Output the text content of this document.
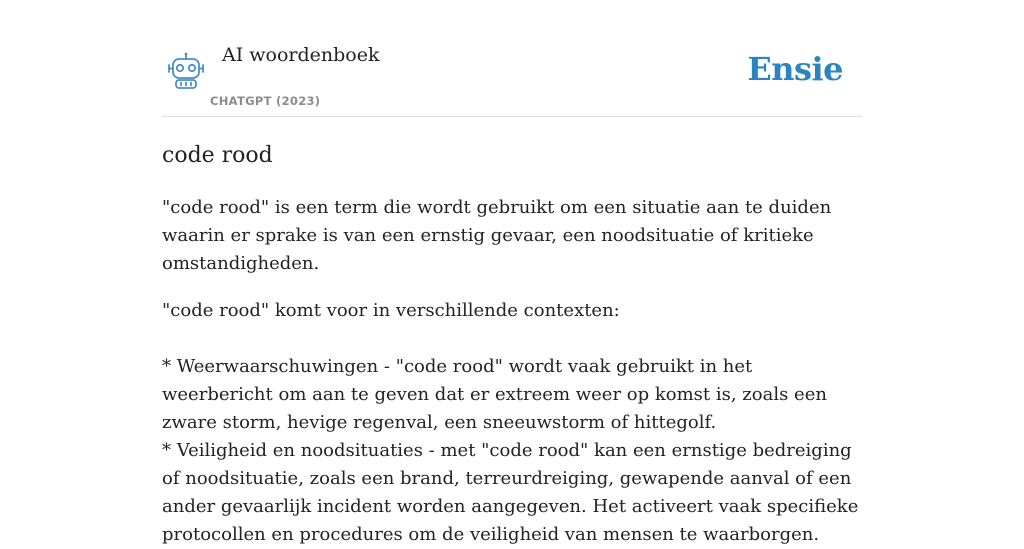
AI woordenboek
CHATGPT (2023)
Ensie
code rood

"code rood" is een term die wordt gebruikt om een situatie aan te duiden waarin er sprake is van een ernstig gevaar, een noodsituatie of kritieke omstandigheden.

"code rood" komt voor in verschillende contexten:

* Weerwaarschuwingen - "code rood" wordt vaak gebruikt in het weerbericht om aan te geven dat er extreem weer op komst is, zoals een zware storm, hevige regenval, een sneeuwstorm of hittegolf.
* Veiligheid en noodsituaties - met "code rood" kan een ernstige bedreiging of noodsituatie, zoals een brand, terreurdreiging, gewapende aanval of een ander gevaarlijk incident worden aangegeven. Het activeert vaak specifieke protocollen en procedures om de veiligheid van mensen te waarborgen.
